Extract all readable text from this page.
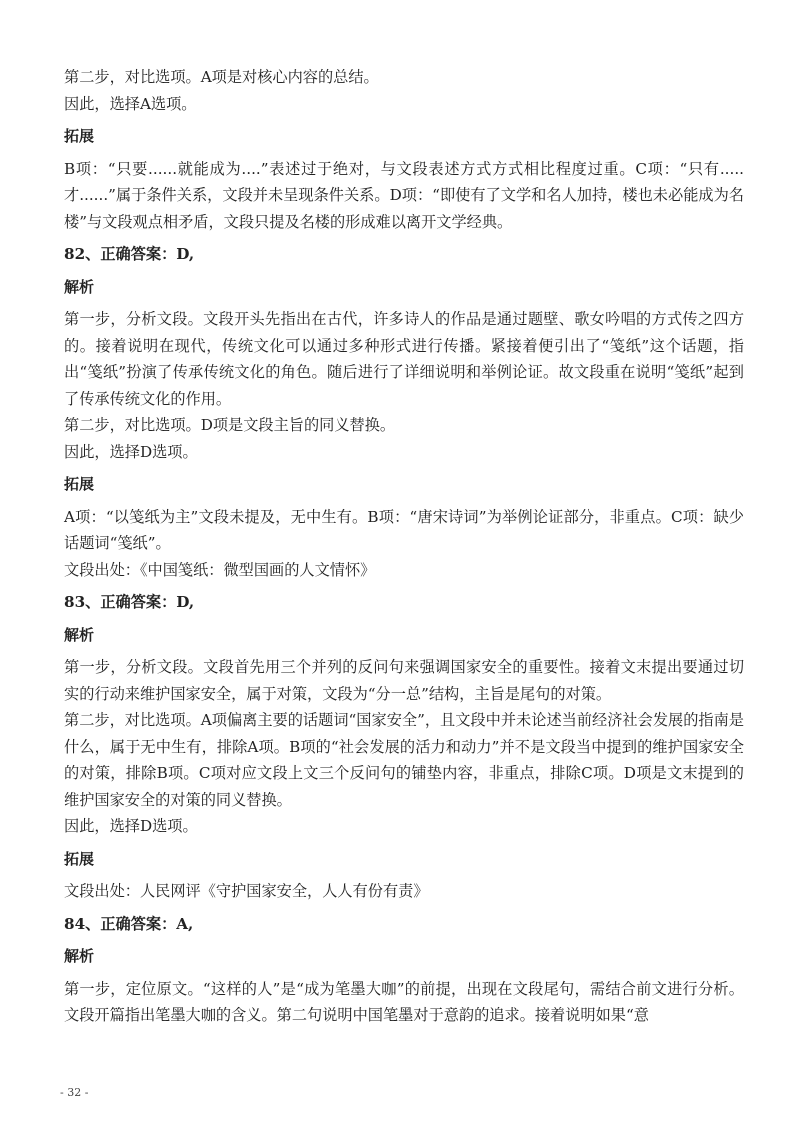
第二步，对比选项。A项是对核心内容的总结。

因此，选择A选项。

拓展

B项：“只要......就能成为....”表述过于绝对，与文段表述方式方式相比程度过重。C项：“只有.....才......”属于条件关系，文段并未呈现条件关系。D项：“即使有了文学和名人加持，楼也未必能成为名楼”与文段观点相矛盾，文段只提及名楼的形成难以离开文学经典。

82、正确答案：D,

解析

第一步，分析文段。文段开头先指出在古代，许多诗人的作品是通过题壁、歌女吟唱的方式传之四方的。接着说明在现代，传统文化可以通过多种形式进行传播。紧接着便引出了“笺纸”这个话题，指出“笺纸”扮演了传承传统文化的角色。随后进行了详细说明和举例论证。故文段重在说明“笺纸”起到了传承传统文化的作用。

第二步，对比选项。D项是文段主旨的同义替换。

因此，选择D选项。

拓展

A项：“以笺纸为主”文段未提及，无中生有。B项：“唐宋诗词”为举例论证部分，非重点。C项：缺少话题词“笺纸”。

文段出处：《中国笺纸：微型国画的人文情怀》

83、正确答案：D,

解析

第一步，分析文段。文段首先用三个并列的反问句来强调国家安全的重要性。接着文末提出要通过切实的行动来维护国家安全，属于对策，文段为“分一总”结构，主旨是尾句的对策。

第二步，对比选项。A项偏离主要的话题词“国家安全”，且文段中并未论述当前经济社会发展的指南是什么，属于无中生有，排除A项。B项的“社会发展的活力和动力”并不是文段当中提到的维护国家安全的对策，排除B项。C项对应文段上文三个反问句的铺垫内容，非重点，排除C项。D项是文末提到的维护国家安全的对策的同义替换。

因此，选择D选项。

拓展

文段出处：人民网评《守护国家安全，人人有份有责》

84、正确答案：A,

解析

第一步，定位原文。“这样的人”是“成为笔墨大咖”的前提，出现在文段尾句，需结合前文进行分析。文段开篇指出笔墨大咖的含义。第二句说明中国笔墨对于意韵的追求。接着说明如果“意

- 32 -
